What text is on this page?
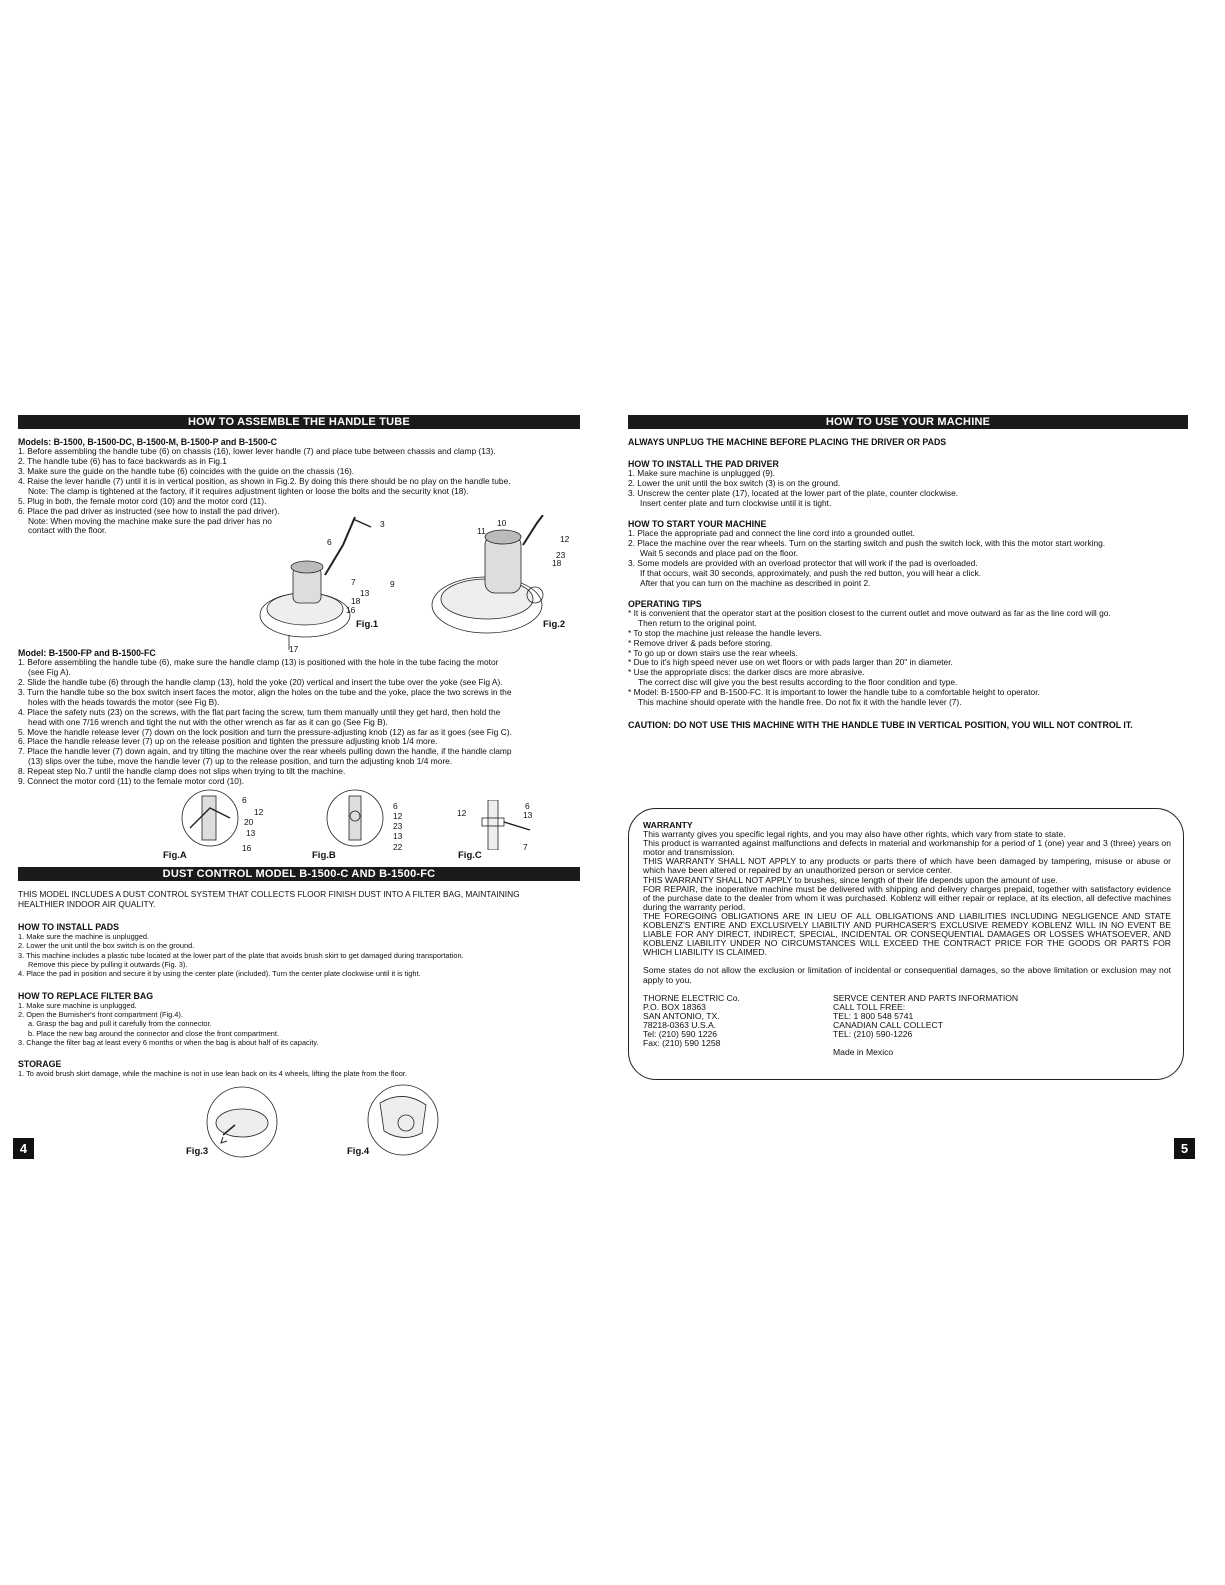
HOW TO ASSEMBLE THE HANDLE TUBE

Models: B-1500, B-1500-DC, B-1500-M, B-1500-P and B-1500-C

1. Before assembling the handle tube (6) on chassis (16), lower lever handle (7) and place tube between chassis and clamp (13).

2. The handle tube (6) has to face backwards as in Fig.1

3. Make sure the guide on the handle tube (6) coincides with the guide on the chassis (16).

4. Raise the lever handle (7) until it is in vertical position, as shown in Fig.2. By doing this there should be no play on the handle tube.

Note: The clamp is tightened at the factory, if it requires adjustment tighten or loose the bolts and the security knot (18).

5. Plug in both, the female motor cord (10) and the motor cord (11).

6. Place the pad driver as instructed (see how to install the pad driver).

Note: When moving the machine make sure the pad driver has no

contact with the floor.

3
6
7	9
13
18
16
17
Fig.1
10
11
12
23
18
Fig.2

Model: B-1500-FP and B-1500-FC

1. Before assembling the handle tube (6), make sure the handle clamp (13) is positioned with the hole in the tube facing the motor

(see Fig A).

2. Slide the handle tube (6) through the handle clamp (13), hold the yoke (20) vertical and insert the tube over the yoke (see Fig A).

3. Turn the handle tube so the box switch insert faces the motor, align the holes on the tube and the yoke, place the two screws in the

holes with the heads towards the motor (see Fig B).

4. Place the safety nuts (23) on the screws, with the flat part facing the screw, turn them manually until they get hard, then hold the

head with one 7/16 wrench and tight the nut with the other wrench as far as it can go (See Fig B).

5. Move the handle release lever (7) down on the lock position and turn the pressure-adjusting knob (12) as far as it goes (see Fig C).

6. Place the handle release lever (7) up on the release position and tighten the pressure adjusting knob 1/4 more.

7. Place the handle lever (7) down again, and try tilting the machine over the rear wheels pulling down the handle, if the handle clamp

(13) slips over the tube, move the handle lever (7) up to the release position, and turn the adjusting knob 1/4 more.

8. Repeat step No.7 until the handle clamp does not slips when trying to tilt the machine.

9. Connect the motor cord (11) to the female motor cord (10).

6
12
20
13
16
Fig.A
6
12
23
13
22
Fig.B
6
13
12
7
Fig.C
DUST CONTROL MODEL B-1500-C AND B-1500-FC

THIS MODEL INCLUDES A DUST CONTROL SYSTEM THAT COLLECTS FLOOR FINISH DUST INTO A FILTER BAG, MAINTAINING

HEALTHIER INDOOR AIR QUALITY.

HOW TO INSTALL PADS

1. Make sure the machine is unplugged.

2. Lower the unit until the box switch is on the ground.

3. This machine includes a plastic tube located at the lower part of the plate that avoids brush skirt to get damaged during transportation.

Remove this piece by pulling it outwards (Fig. 3).

4. Place the pad in position and secure it by using the center plate (included). Turn the center plate clockwise until it is tight.

HOW TO REPLACE FILTER BAG

1. Make sure machine is unplugged.

2. Open the Burnisher's front compartment (Fig.4).

a. Grasp the bag and pull it carefully from the connector.

b. Place the new bag around the connector and close the front compartment.

3. Change the filter bag at least every 6 months or when the bag is about half of its capacity.

STORAGE

1. To avoid brush skirt damage, while the machine is not in use lean back on its 4 wheels, lifting the plate from the floor.

Fig.3	Fig.4
4
HOW TO USE YOUR MACHINE

ALWAYS UNPLUG THE MACHINE BEFORE PLACING THE DRIVER OR PADS

HOW TO INSTALL THE PAD DRIVER

1. Make sure machine is unplugged (9).

2. Lower the unit until the box switch (3) is on the ground.

3. Unscrew the center plate (17), located at the lower part of the plate, counter clockwise.

Insert center plate and turn clockwise until it is tight.

HOW TO START YOUR MACHINE

1. Place the appropriate pad and connect the line cord into a grounded outlet.

2. Place the machine over the rear wheels. Turn on the starting switch and push the switch lock, with this the motor start working.

Wait 5 seconds and place pad on the floor.

3. Some models are provided with an overload protector that will work if the pad is overloaded.

If that occurs, wait 30 seconds, approximately, and push the red button, you will hear a click.

After that you can turn on the machine as described in point 2.

OPERATING TIPS

* It is convenient that the operator start at the position closest to the current outlet and move outward as far as the line cord will go.

Then return to the original point.

* To stop the machine just release the handle levers.

* Remove driver & pads before storing.

* To go up or down stairs use the rear wheels.

* Due to it's high speed never use on wet floors or with pads larger than 20" in diameter.

* Use the appropriate discs: the darker discs are more abrasive.

The correct disc will give you the best results according to the floor condition and type.

* Model: B-1500-FP and B-1500-FC. It is important to lower the handle tube to a comfortable height to operator.

This machine should operate with the handle free. Do not fix it with the handle lever (7).

CAUTION: DO NOT USE THIS MACHINE WITH THE HANDLE TUBE IN VERTICAL POSITION, YOU WILL NOT CONTROL IT.

WARRANTY

This warranty gives you specific legal rights, and you may also have other rights, which vary from state to state.

This product is warranted against malfunctions and defects in material and workmanship for a period of 1 (one) year and 3 (three) years on motor and transmission.

THIS WARRANTY SHALL NOT APPLY to any products or parts there of which have been damaged by tampering, misuse or abuse or which have been altered or repaired by an unauthorized person or service center.

THIS WARRANTY SHALL NOT APPLY to brushes, since length of their life depends upon the amount of use.

FOR REPAIR, the inoperative machine must be delivered with shipping and delivery charges prepaid, together with satisfactory evidence of the purchase date to the dealer from whom it was purchased. Koblenz will either repair or replace, at its election, all defective machines during the warranty period.

THE FOREGOING OBLIGATIONS ARE IN LIEU OF ALL OBLIGATIONS AND LIABILITIES INCLUDING NEGLIGENCE AND STATE KOBLENZ'S ENTIRE AND EXCLUSIVELY LIABILTIY AND PURHCASER'S EXCLUSIVE REMEDY KOBLENZ WILL IN NO EVENT BE LIABLE FOR ANY DIRECT, INDIRECT, SPECIAL, INCIDENTAL OR CONSEQUENTIAL DAMAGES OR LOSSES WHATSOEVER, AND KOBLENZ LIABILITY UNDER NO CIRCUMSTANCES WILL EXCEED THE CONTRACT PRICE FOR THE GOODS OR PARTS FOR WHICH LIABILITY IS CLAIMED.

Some states do not allow the exclusion or limitation of incidental or consequential damages, so the above limitation or exclusion may not apply to you.

THORNE ELECTRIC Co.

P.O. BOX 18363

SAN ANTONIO, TX.

78218-0363 U.S.A.

Tel: (210) 590 1226

Fax: (210) 590 1258

SERVCE CENTER AND PARTS INFORMATION

CALL TOLL FREE:

TEL: 1 800 548 5741

CANADIAN CALL COLLECT

TEL: (210) 590-1226

Made in Mexico

5
